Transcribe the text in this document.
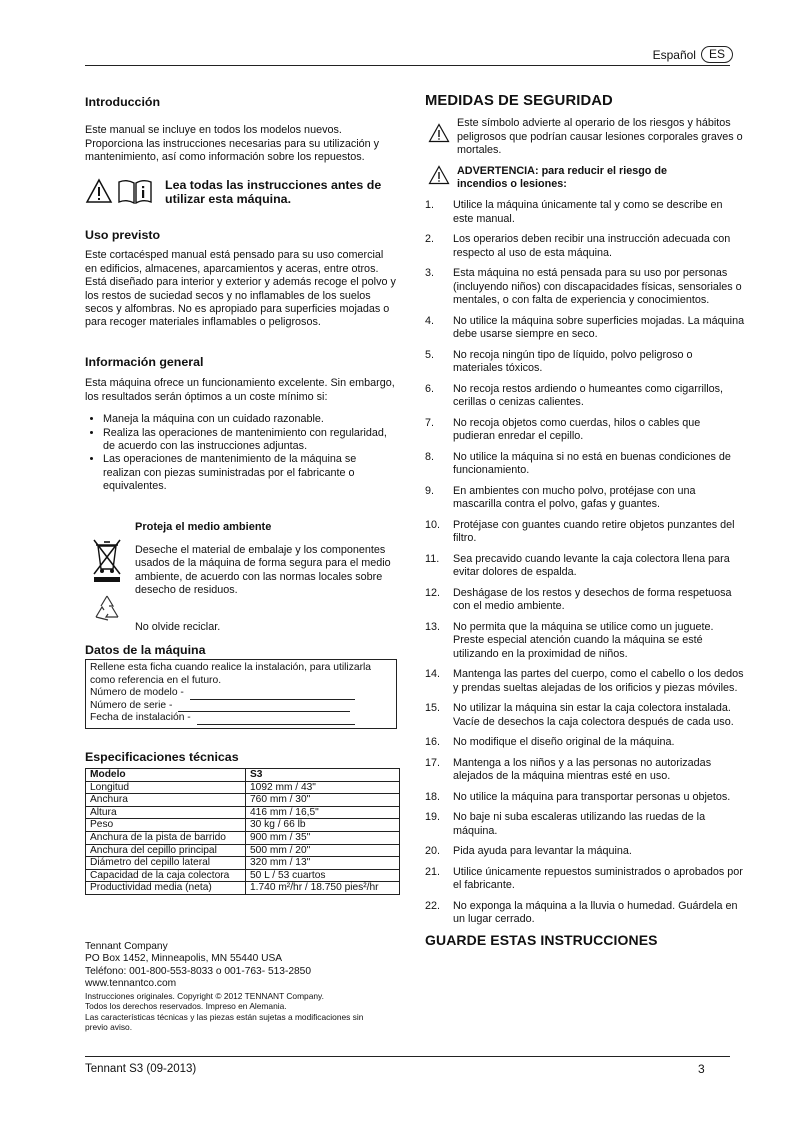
Español	ES
Introducción

Este manual se incluye en todos los modelos nuevos. Proporciona las instrucciones necesarias para su utilización y mantenimiento, así como información sobre los repuestos.

Lea todas las instrucciones antes de utilizar esta máquina.
Uso previsto

Este cortacésped manual está pensado para su uso comercial en edificios, almacenes, aparcamientos y aceras, entre otros. Está diseñado para interior y exterior y además recoge el polvo y los restos de suciedad secos y no inflamables de los suelos secos y alfombras. No es apropiado para superficies mojadas o para recoger materiales inflamables o peligrosos.

Información general

Esta máquina ofrece un funcionamiento excelente. Sin embargo, los resultados serán óptimos a un coste mínimo si:

• Maneja la máquina con un cuidado razonable.
• Realiza las operaciones de mantenimiento con regularidad, de acuerdo con las instrucciones adjuntas.
• Las operaciones de mantenimiento de la máquina se realizan con piezas suministradas por el fabricante o equivalentes.
Proteja el medio ambiente

Deseche el material de embalaje y los componentes usados de la máquina de forma segura para el medio ambiente, de acuerdo con las normas locales sobre desecho de residuos.

No olvide reciclar.

Datos de la máquina

Rellene esta ficha cuando realice la instalación, para utilizarla como referencia en el futuro.

Número de modelo -
Número de serie -
Fecha de instalación -
Especificaciones técnicas
Modelo	S3
Longitud	1092 mm / 43"
Anchura	760 mm / 30"
Altura	416 mm / 16,5"
Peso	30 kg / 66 lb
Anchura de la pista de barrido	900 mm / 35"
Anchura del cepillo principal	500 mm / 20"
Diámetro del cepillo lateral	320 mm / 13"
Capacidad de la caja colectora	50 L / 53 cuartos
Productividad media (neta)	1.740 m²/hr / 18.750 pies²/hr
Tennant Company
PO Box 1452, Minneapolis, MN 55440 USA
Teléfono: 001-800-553-8033 o 001-763- 513-2850
www.tennantco.com
Instrucciones originales. Copyright © 2012 TENNANT Company.
Todos los derechos reservados. Impreso en Alemania.
Las características técnicas y las piezas están sujetas a modificaciones sin previo aviso.
MEDIDAS DE SEGURIDAD

Este símbolo advierte al operario de los riesgos y hábitos peligrosos que podrían causar lesiones corporales graves o mortales.

ADVERTENCIA: para reducir el riesgo de incendios o lesiones:

1.	Utilice la máquina únicamente tal y como se describe en este manual.
2.	Los operarios deben recibir una instrucción adecuada con respecto al uso de esta máquina.
3.	Esta máquina no está pensada para su uso por personas (incluyendo niños) con discapacidades físicas, sensoriales o mentales, o con falta de experiencia y conocimientos.
4.	No utilice la máquina sobre superficies mojadas. La máquina debe usarse siempre en seco.
5.	No recoja ningún tipo de líquido, polvo peligroso o materiales tóxicos.
6.	No recoja restos ardiendo o humeantes como cigarrillos, cerillas o cenizas calientes.
7.	No recoja objetos como cuerdas, hilos o cables que pudieran enredar el cepillo.
8.	No utilice la máquina si no está en buenas condiciones de funcionamiento.
9.	En ambientes con mucho polvo, protéjase con una mascarilla contra el polvo, gafas y guantes.
10.	Protéjase con guantes cuando retire objetos punzantes del filtro.
11.	Sea precavido cuando levante la caja colectora llena para evitar dolores de espalda.
12.	Deshágase de los restos y desechos de forma respetuosa con el medio ambiente.
13.	No permita que la máquina se utilice como un juguete. Preste especial atención cuando la máquina se esté utilizando en la proximidad de niños.
14.	Mantenga las partes del cuerpo, como el cabello o los dedos y prendas sueltas alejadas de los orificios y piezas móviles.
15.	No utilizar la máquina sin estar la caja colectora instalada. Vacíe de desechos la caja colectora después de cada uso.
16.	No modifique el diseño original de la máquina.
17.	Mantenga a los niños y a las personas no autorizadas alejados de la máquina mientras esté en uso.
18.	No utilice la máquina para transportar personas u objetos.
19.	No baje ni suba escaleras utilizando las ruedas de la máquina.
20.	Pida ayuda para levantar la máquina.
21.	Utilice únicamente repuestos suministrados o aprobados por el fabricante.
22.	No exponga la máquina a la lluvia o humedad. Guárdela en un lugar cerrado.
GUARDE ESTAS INSTRUCCIONES
Tennant S3 (09-2013)	3
